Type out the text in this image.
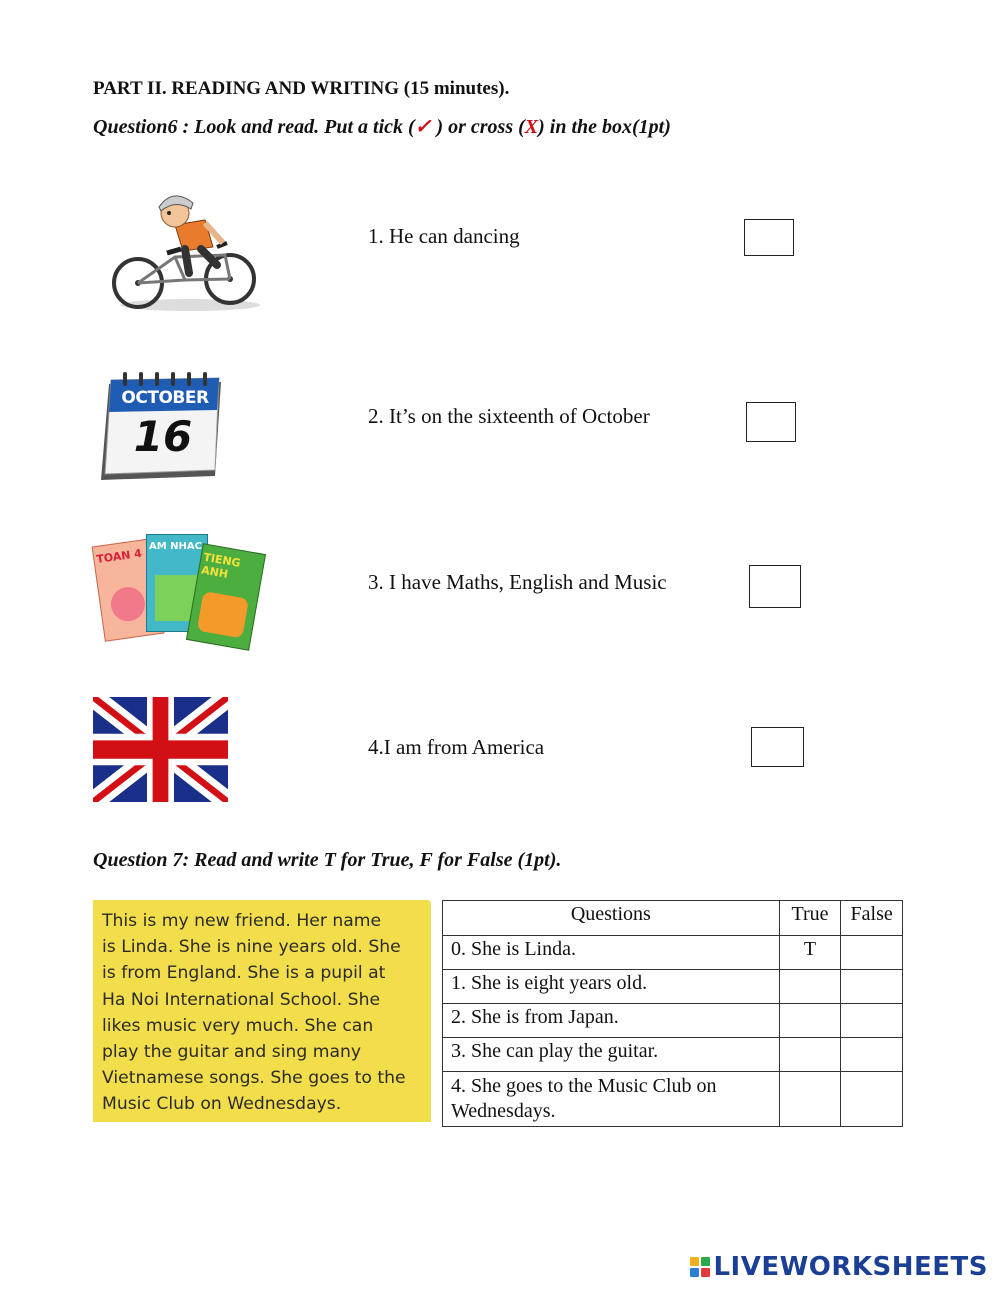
PART II. READING AND WRITING (15 minutes).
Question6 : Look and read. Put a tick (✓ ) or cross (X) in the box(1pt)
1. He can dancing
OCTOBER
16	2. It’s on the sixteenth of October
TOAN 4
AM NHAC
TIENG ANH	3. I have Maths, English and Music
4.I am from America
Question 7: Read and write T for True, F for False (1pt).
This is my new friend. Her name
is Linda. She is nine years old. She
is from England. She is a pupil at
Ha Noi International School. She
likes music very much. She can
play the guitar and sing many
Vietnamese songs. She goes to the
Music Club on Wednesdays.
Questions	True	False
0. She is Linda.	T	
1. She is eight years old.		
2. She is from Japan.		
3. She can play the guitar.		
4. She goes to the Music Club on Wednesdays.		
LIVEWORKSHEETS
